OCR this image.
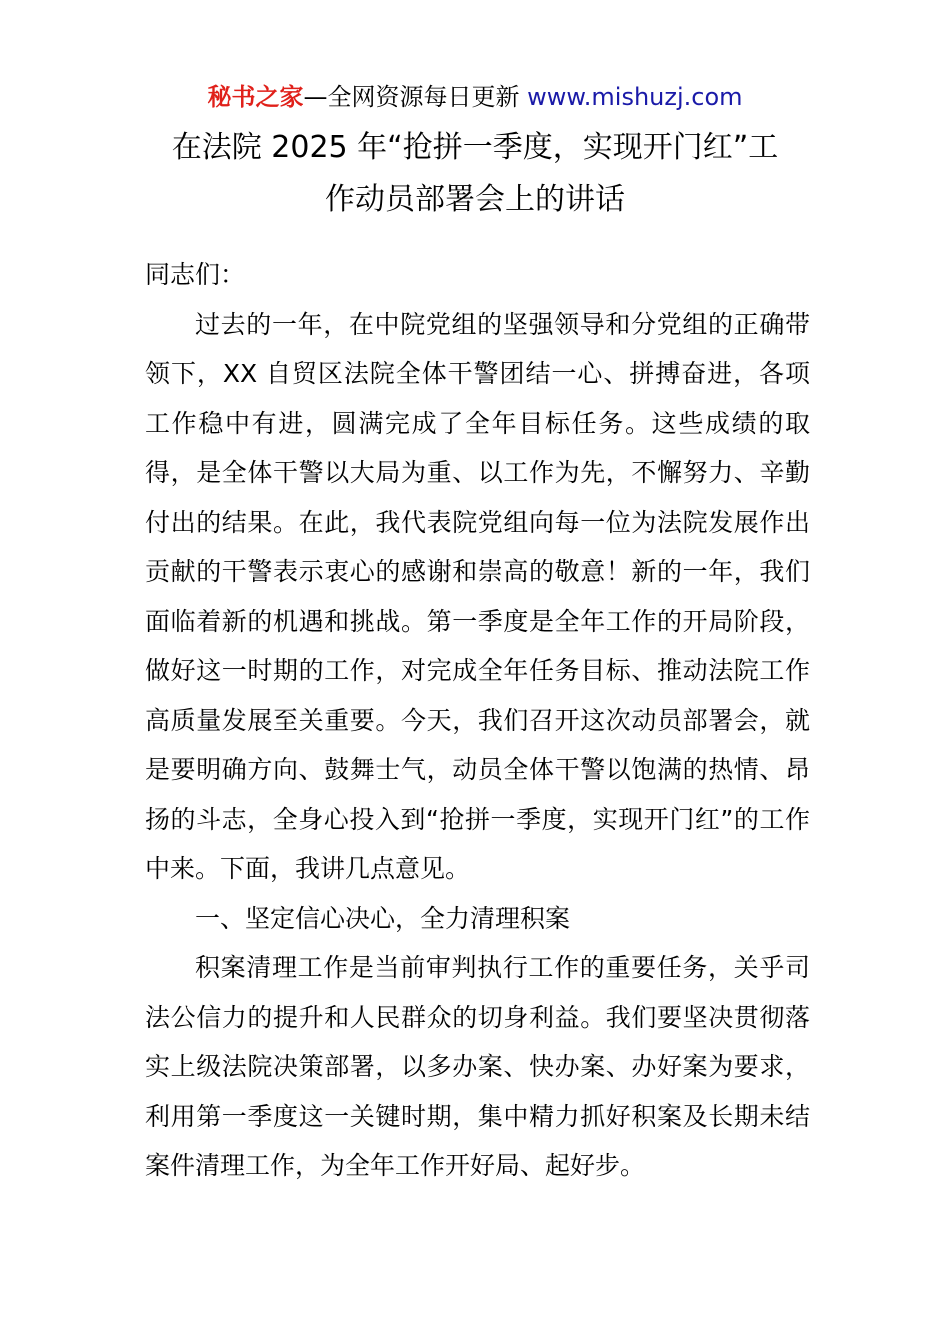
秘书之家—全网资源每日更新 www.mishuzj.com
在法院 2025 年“抢拼一季度，实现开门红”工
作动员部署会上的讲话

同志们：

过去的一年，在中院党组的坚强领导和分党组的正确带领下，XX 自贸区法院全体干警团结一心、拼搏奋进，各项工作稳中有进，圆满完成了全年目标任务。这些成绩的取得，是全体干警以大局为重、以工作为先，不懈努力、辛勤付出的结果。在此，我代表院党组向每一位为法院发展作出贡献的干警表示衷心的感谢和崇高的敬意！新的一年，我们面临着新的机遇和挑战。第一季度是全年工作的开局阶段，做好这一时期的工作，对完成全年任务目标、推动法院工作高质量发展至关重要。今天，我们召开这次动员部署会，就是要明确方向、鼓舞士气，动员全体干警以饱满的热情、昂扬的斗志，全身心投入到“抢拼一季度，实现开门红”的工作中来。下面，我讲几点意见。

一、坚定信心决心，全力清理积案

积案清理工作是当前审判执行工作的重要任务，关乎司法公信力的提升和人民群众的切身利益。我们要坚决贯彻落实上级法院决策部署，以多办案、快办案、办好案为要求，利用第一季度这一关键时期，集中精力抓好积案及长期未结案件清理工作，为全年工作开好局、起好步。
